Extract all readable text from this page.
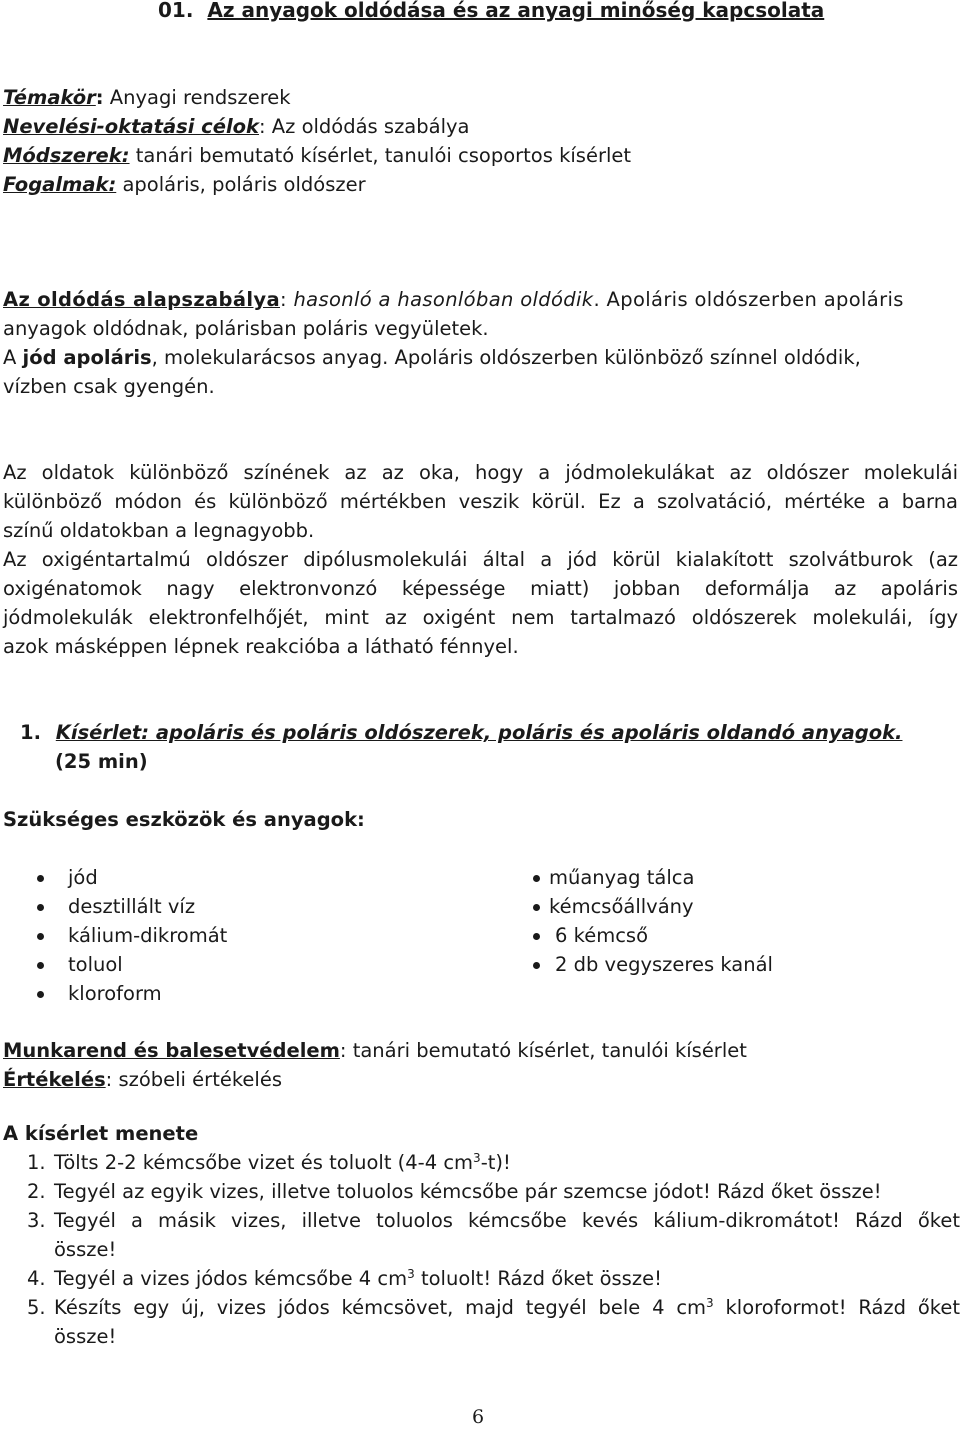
01. Az anyagok oldódása és az anyagi minőség kapcsolata
Témakör: Anyagi rendszerek
Nevelési-oktatási célok: Az oldódás szabálya
Módszerek: tanári bemutató kísérlet, tanulói csoportos kísérlet
Fogalmak: apoláris, poláris oldószer
Az oldódás alapszabálya: hasonló a hasonlóban oldódik. Apoláris oldószerben apoláris
anyagok oldódnak, polárisban poláris vegyületek.
A jód apoláris, molekularácsos anyag. Apoláris oldószerben különböző színnel oldódik,
vízben csak gyengén.
Az oldatok különböző színének az az oka, hogy a jódmolekulákat az oldószer molekulái
különböző módon és különböző mértékben veszik körül. Ez a szolvatáció, mértéke a barna
színű oldatokban a legnagyobb.
Az oxigéntartalmú oldószer dipólusmolekulái által a jód körül kialakított szolvátburok (az
oxigénatomok nagy elektronvonzó képessége miatt) jobban deformálja az apoláris
jódmolekulák elektronfelhőjét, mint az oxigént nem tartalmazó oldószerek molekulái, így
azok másképpen lépnek reakcióba a látható fénnyel.
1. Kísérlet: apoláris és poláris oldószerek, poláris és apoláris oldandó anyagok.
(25 min)
Szükséges eszközök és anyagok:
jód
desztillált víz
kálium-dikromát
toluol
kloroform
műanyag tálca
kémcsőállvány
6 kémcső
2 db vegyszeres kanál
Munkarend és balesetvédelem: tanári bemutató kísérlet, tanulói kísérlet
Értékelés: szóbeli értékelés
A kísérlet menete
1. Tölts 2-2 kémcsőbe vizet és toluolt (4-4 $cm^3-t$)!
2. Tegyél az egyik vizes, illetve toluolos kémcsőbe pár szemcse jódot! Rázd őket össze!
3. Tegyél a másik vizes, illetve toluolos kémcsőbe kevés kálium-dikromátot! Rázd őket össze!
4. Tegyél a vizes jódos kémcsőbe 4 $cm^3$ toluolt! Rázd őket össze!
5. Készíts egy új, vizes jódos kémcsövet, majd tegyél bele 4 $cm^3$ kloroformot! Rázd őket össze!
6
